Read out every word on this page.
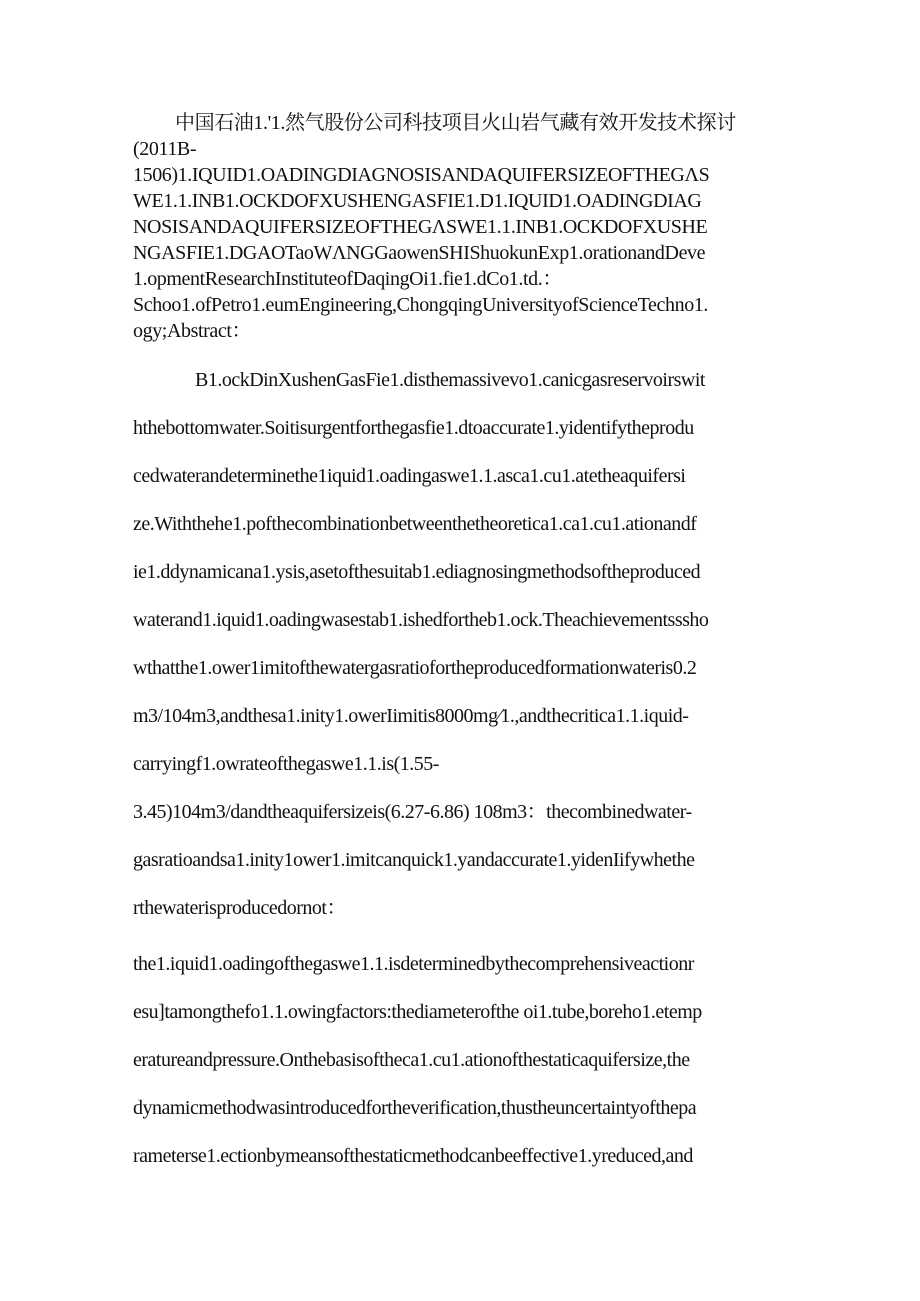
中国石油1.'1.然气股份公司科技项目火山岩气藏有效开发技术探讨
(2011B-
1506)1.IQUID1.OADINGDIAGNOSISANDAQUIFERSIZEOFTHEGΛS
WE1.1.INB1.OCKDOFXUSHENGASFIE1.D1.IQUID1.OADINGDIAG
NOSISANDAQUIFERSIZEOFTHEGΛSWE1.1.INB1.OCKDOFXUSHE
NGASFIE1.DGAOTaoWΛNGGaowenSHIShuokunExp1.orationandDeve
1.opmentResearchInstituteofDaqingOi1.fie1.dCo1.td.：
Schoo1.ofPetro1.eumEngineering,ChongqingUniversityofScienceTechno1.
ogy;Abstract：
B1.ockDinXushenGasFie1.disthemassivevo1.canicgasreservoirswit
hthebottomwater.Soitisurgentforthegasfie1.dtoaccurate1.yidentifytheprodu
cedwaterandeterminethe1iquid1.oadingaswe1.1.asca1.cu1.atetheaquifersi
ze.Withthehe1.pofthecombinationbetweenthetheoretica1.ca1.cu1.ationandf
ie1.ddynamicana1.ysis,asetofthesuitab1.ediagnosingmethodsoftheproduced
waterand1.iquid1.oadingwasestab1.ishedfortheb1.ock.Theachievementsssho
wthatthe1.ower1imitofthewatergasratiofortheproducedformationwateris0.2
m3/104m3,andthesa1.inity1.owerIimitis8000mg∕1.,andthecritica1.1.iquid-
carryingf1.owrateofthegaswe1.1.is(1.55-
3.45)104m3/dandtheaquifersizeis(6.27-6.86) 108m3：thecombinedwater-
gasratioandsa1.inity1ower1.imitcanquick1.yandaccurate1.yidenIifywhethe
rthewaterisproducedornot：
the1.iquid1.oadingofthegaswe1.1.isdeterminedbythecomprehensiveactionr
esu]tamongthefo1.1.owingfactors:thediameterofthe oi1.tube,boreho1.etemp
eratureandpressure.Onthebasisoftheca1.cu1.ationofthestaticaquifersize,the
dynamicmethodwasintroducedfortheverification,thustheuncertaintyofthepa
rameterse1.ectionbymeansofthestaticmethodcanbeeffective1.yreduced,and
